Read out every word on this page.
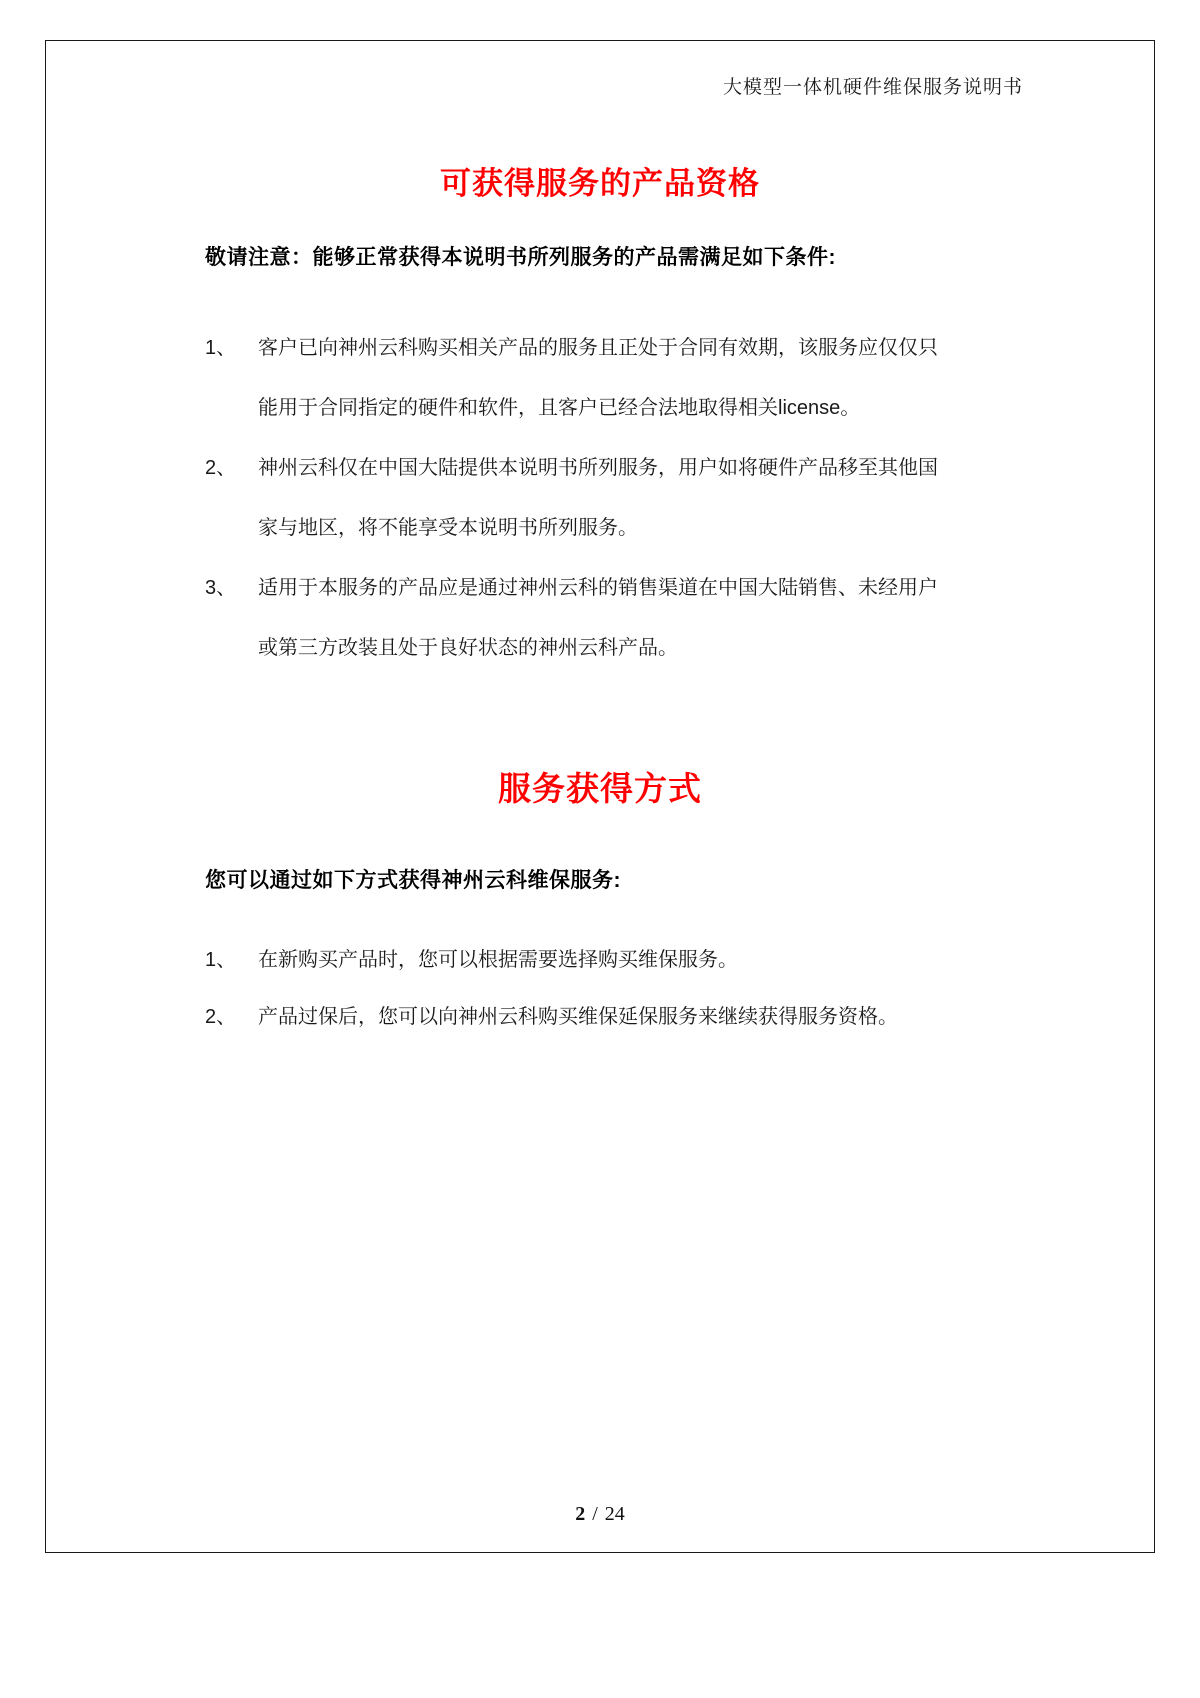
大模型一体机硬件维保服务说明书
可获得服务的产品资格
敬请注意：能够正常获得本说明书所列服务的产品需满足如下条件:
1、	客户已向神州云科购买相关产品的服务且正处于合同有效期，该服务应仅仅只
能用于合同指定的硬件和软件，且客户已经合法地取得相关license。
2、	神州云科仅在中国大陆提供本说明书所列服务，用户如将硬件产品移至其他国
家与地区，将不能享受本说明书所列服务。
3、	适用于本服务的产品应是通过神州云科的销售渠道在中国大陆销售、未经用户
或第三方改装且处于良好状态的神州云科产品。
服务获得方式
您可以通过如下方式获得神州云科维保服务:
1、	在新购买产品时，您可以根据需要选择购买维保服务。
2、	产品过保后，您可以向神州云科购买维保延保服务来继续获得服务资格。
2 / 24
